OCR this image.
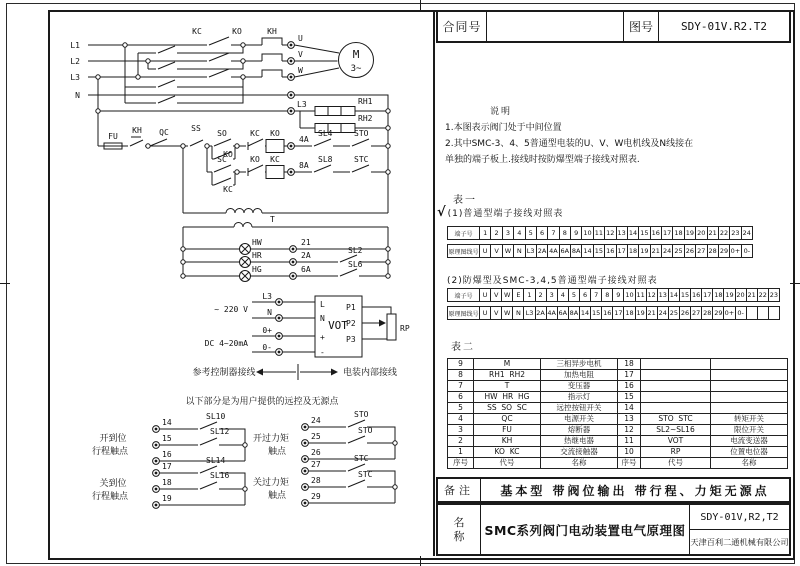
合同号	图号	SDY-01V.R2.T2
说明
1.本图表示阀门处于中间位置
2.其中SMC-3、4、5普通型电装的U、V、W电机线及N线接在
单独的端子板上.接线时按防爆型端子接线对照表.
表一
√(1)普通型端子接线对照表
端子号	1	2	3	4	5	6	7	8	9	10	11	12	13	14	15	16	17	18	19	20	21	22	23	24
原理图线号	U	V	W	N	L3	2A	4A	6A	8A	14	15	16	17	18	19	21	24	25	26	27	28	29	0+	0-
(2)防爆型及SMC-3,4,5普通型端子接线对照表
端子号	U	V	W	E	1	2	3	4	5	6	7	8	9	10	11	12	13	14	15	16	17	18	19	20	21	22	23
原理图线号	U	V	W	N	L3	2A	4A	6A	8A	14	15	16	17	18	19	21	24	25	26	27	28	29	0+	0-			
表二
9	M	三相异步电机	18		
8	RH1  RH2	加热电阻	17		
7	T	变压器	16		
6	HW  HR  HG	指示灯	15		
5	SS  SO  SC	远控按钮开关	14		
4	QC	电源开关	13	STO  STC	转矩开关
3	FU	熔断器	12	SL2~SL16	限位开关
2	KH	热继电器	11	VOT	电流变送器
1	KO  KC	交流接触器	10	RP	位置电位器
序号	代号	名称	序号	代号	名称
备注	基本型 带阀位输出 带行程、力矩无源点
名
称 SMC系列阀门电动装置电气原理图
SDY-01V,R2,T2
天津百利二通机械有限公司
L1
L2
L3
N
KC	KO	KH
U
V
W
M
3~
L3	RH1
RH2
FU
KH QC	SS
SO
KO
KC KO
4A
SL4	STO
SC
KC
KO KC
8A
SL8	STC
T
HW	21
HR	2A
SL2
HG	6A
SL6
~ 220 V
L3
N
0+
DC 4~20mA 0-
L
N
+
-
VOT
P1
P2
P3
RP
参考控制器接线	电装内部接线
以下部分是为用户提供的远控及无源点
14
15
16
SL10
SL12
开到位
行程触点
17
18
19
SL14
SL16
关到位
行程触点
24
25
26
STO
STO
开过力矩
触点
27
28
29
STC
STC
关过力矩
触点
